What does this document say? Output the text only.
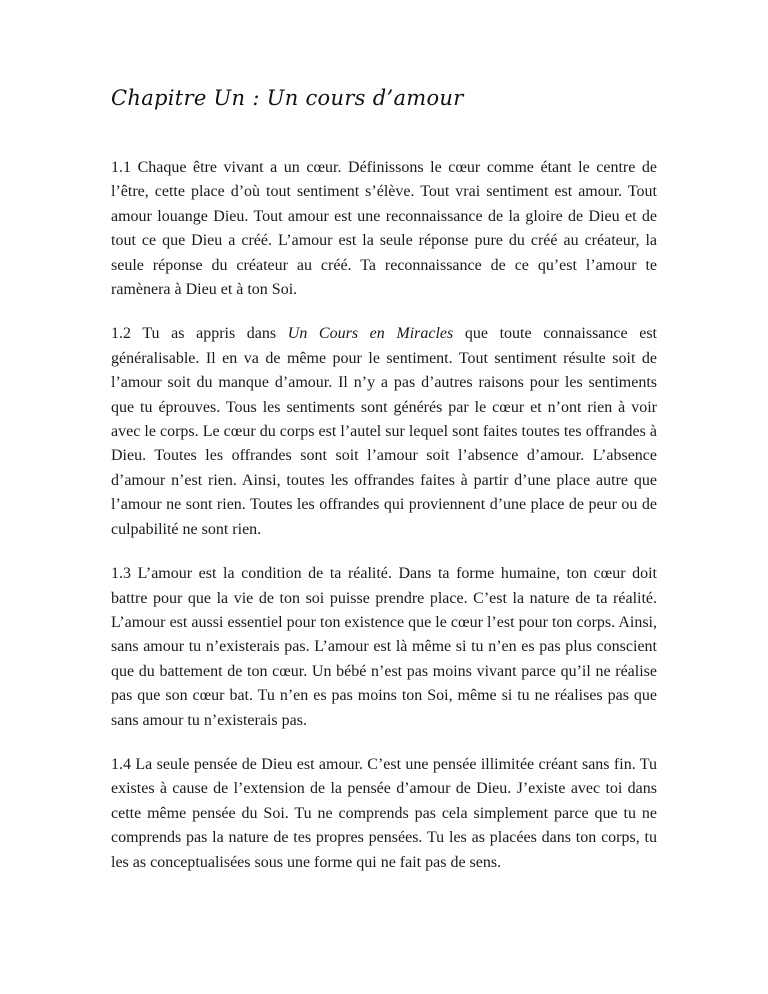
Chapitre Un : Un cours d’amour

1.1 Chaque être vivant a un cœur. Définissons le cœur comme étant le centre de l’être, cette place d’où tout sentiment s’élève. Tout vrai sentiment est amour. Tout amour louange Dieu. Tout amour est une reconnaissance de la gloire de Dieu et de tout ce que Dieu a créé. L’amour est la seule réponse pure du créé au créateur, la seule réponse du créateur au créé. Ta reconnaissance de ce qu’est l’amour te ramènera à Dieu et à ton Soi.

1.2 Tu as appris dans Un Cours en Miracles que toute connaissance est généralisable. Il en va de même pour le sentiment. Tout sentiment résulte soit de l’amour soit du manque d’amour. Il n’y a pas d’autres raisons pour les sentiments que tu éprouves. Tous les sentiments sont générés par le cœur et n’ont rien à voir avec le corps. Le cœur du corps est l’autel sur lequel sont faites toutes tes offrandes à Dieu. Toutes les offrandes sont soit l’amour soit l’absence d’amour. L’absence d’amour n’est rien. Ainsi, toutes les offrandes faites à partir d’une place autre que l’amour ne sont rien. Toutes les offrandes qui proviennent d’une place de peur ou de culpabilité ne sont rien.

1.3 L’amour est la condition de ta réalité. Dans ta forme humaine, ton cœur doit battre pour que la vie de ton soi puisse prendre place. C’est la nature de ta réalité. L’amour est aussi essentiel pour ton existence que le cœur l’est pour ton corps. Ainsi, sans amour tu n’existerais pas. L’amour est là même si tu n’en es pas plus conscient que du battement de ton cœur. Un bébé n’est pas moins vivant parce qu’il ne réalise pas que son cœur bat. Tu n’en es pas moins ton Soi, même si tu ne réalises pas que sans amour tu n’existerais pas.

1.4 La seule pensée de Dieu est amour. C’est une pensée illimitée créant sans fin. Tu existes à cause de l’extension de la pensée d’amour de Dieu. J’existe avec toi dans cette même pensée du Soi. Tu ne comprends pas cela simplement parce que tu ne comprends pas la nature de tes propres pensées. Tu les as placées dans ton corps, tu les as conceptualisées sous une forme qui ne fait pas de sens.
